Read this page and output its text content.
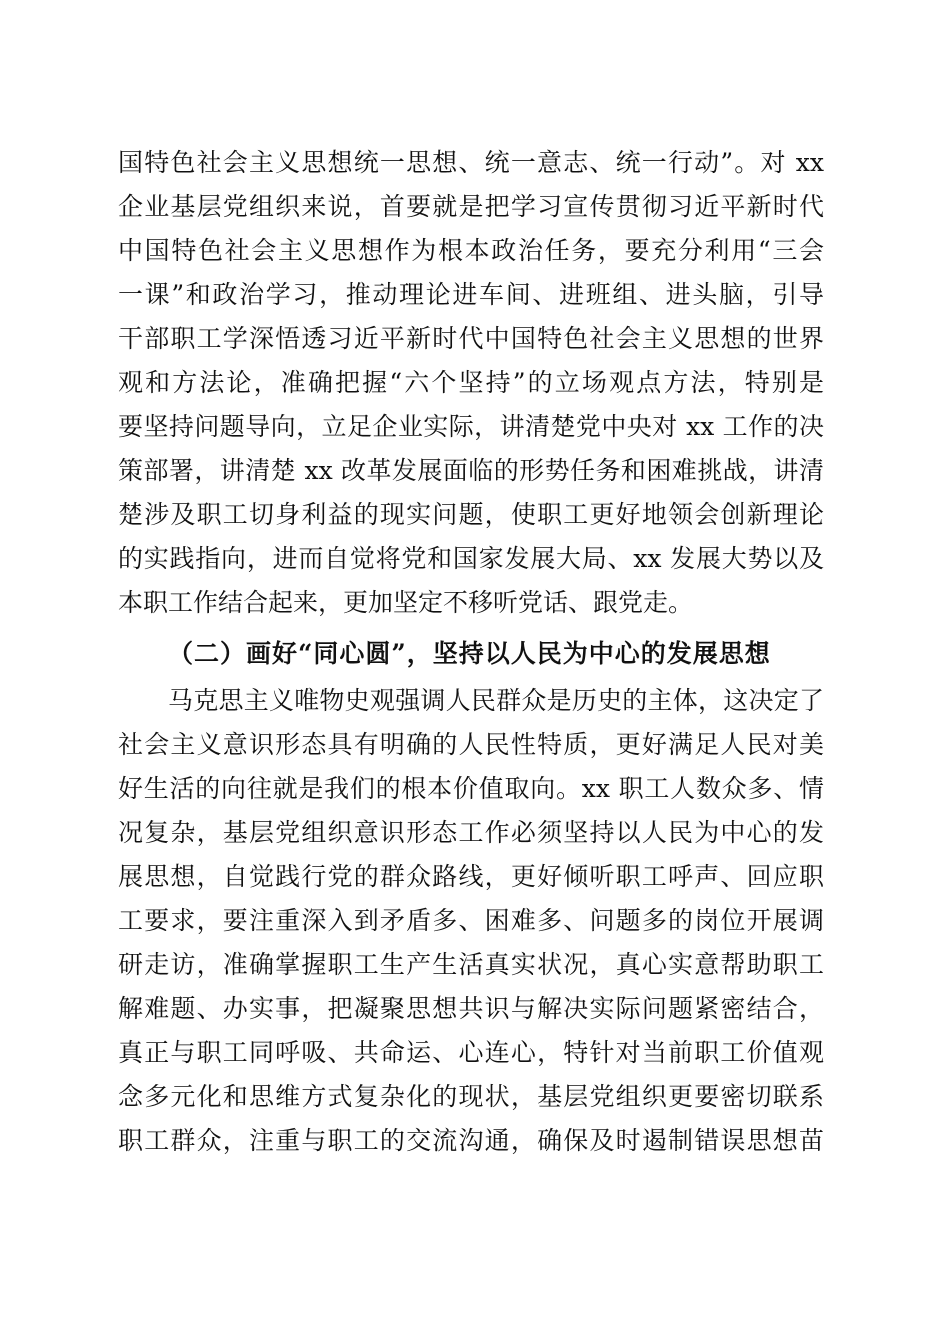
国特色社会主义思想统一思想、统一意志、统一行动”。对 xx
企业基层党组织来说，首要就是把学习宣传贯彻习近平新时代
中国特色社会主义思想作为根本政治任务，要充分利用“三会
一课”和政治学习，推动理论进车间、进班组、进头脑，引导
干部职工学深悟透习近平新时代中国特色社会主义思想的世界
观和方法论，准确把握“六个坚持”的立场观点方法，特别是
要坚持问题导向，立足企业实际，讲清楚党中央对 xx 工作的决
策部署，讲清楚 xx 改革发展面临的形势任务和困难挑战，讲清
楚涉及职工切身利益的现实问题，使职工更好地领会创新理论
的实践指向，进而自觉将党和国家发展大局、xx 发展大势以及
本职工作结合起来，更加坚定不移听党话、跟党走。
（二）画好“同心圆”，坚持以人民为中心的发展思想
马克思主义唯物史观强调人民群众是历史的主体，这决定了
社会主义意识形态具有明确的人民性特质，更好满足人民对美
好生活的向往就是我们的根本价值取向。xx 职工人数众多、情
况复杂，基层党组织意识形态工作必须坚持以人民为中心的发
展思想，自觉践行党的群众路线，更好倾听职工呼声、回应职
工要求，要注重深入到矛盾多、困难多、问题多的岗位开展调
研走访，准确掌握职工生产生活真实状况，真心实意帮助职工
解难题、办实事，把凝聚思想共识与解决实际问题紧密结合，
真正与职工同呼吸、共命运、心连心，特针对当前职工价值观
念多元化和思维方式复杂化的现状，基层党组织更要密切联系
职工群众，注重与职工的交流沟通，确保及时遏制错误思想苗
